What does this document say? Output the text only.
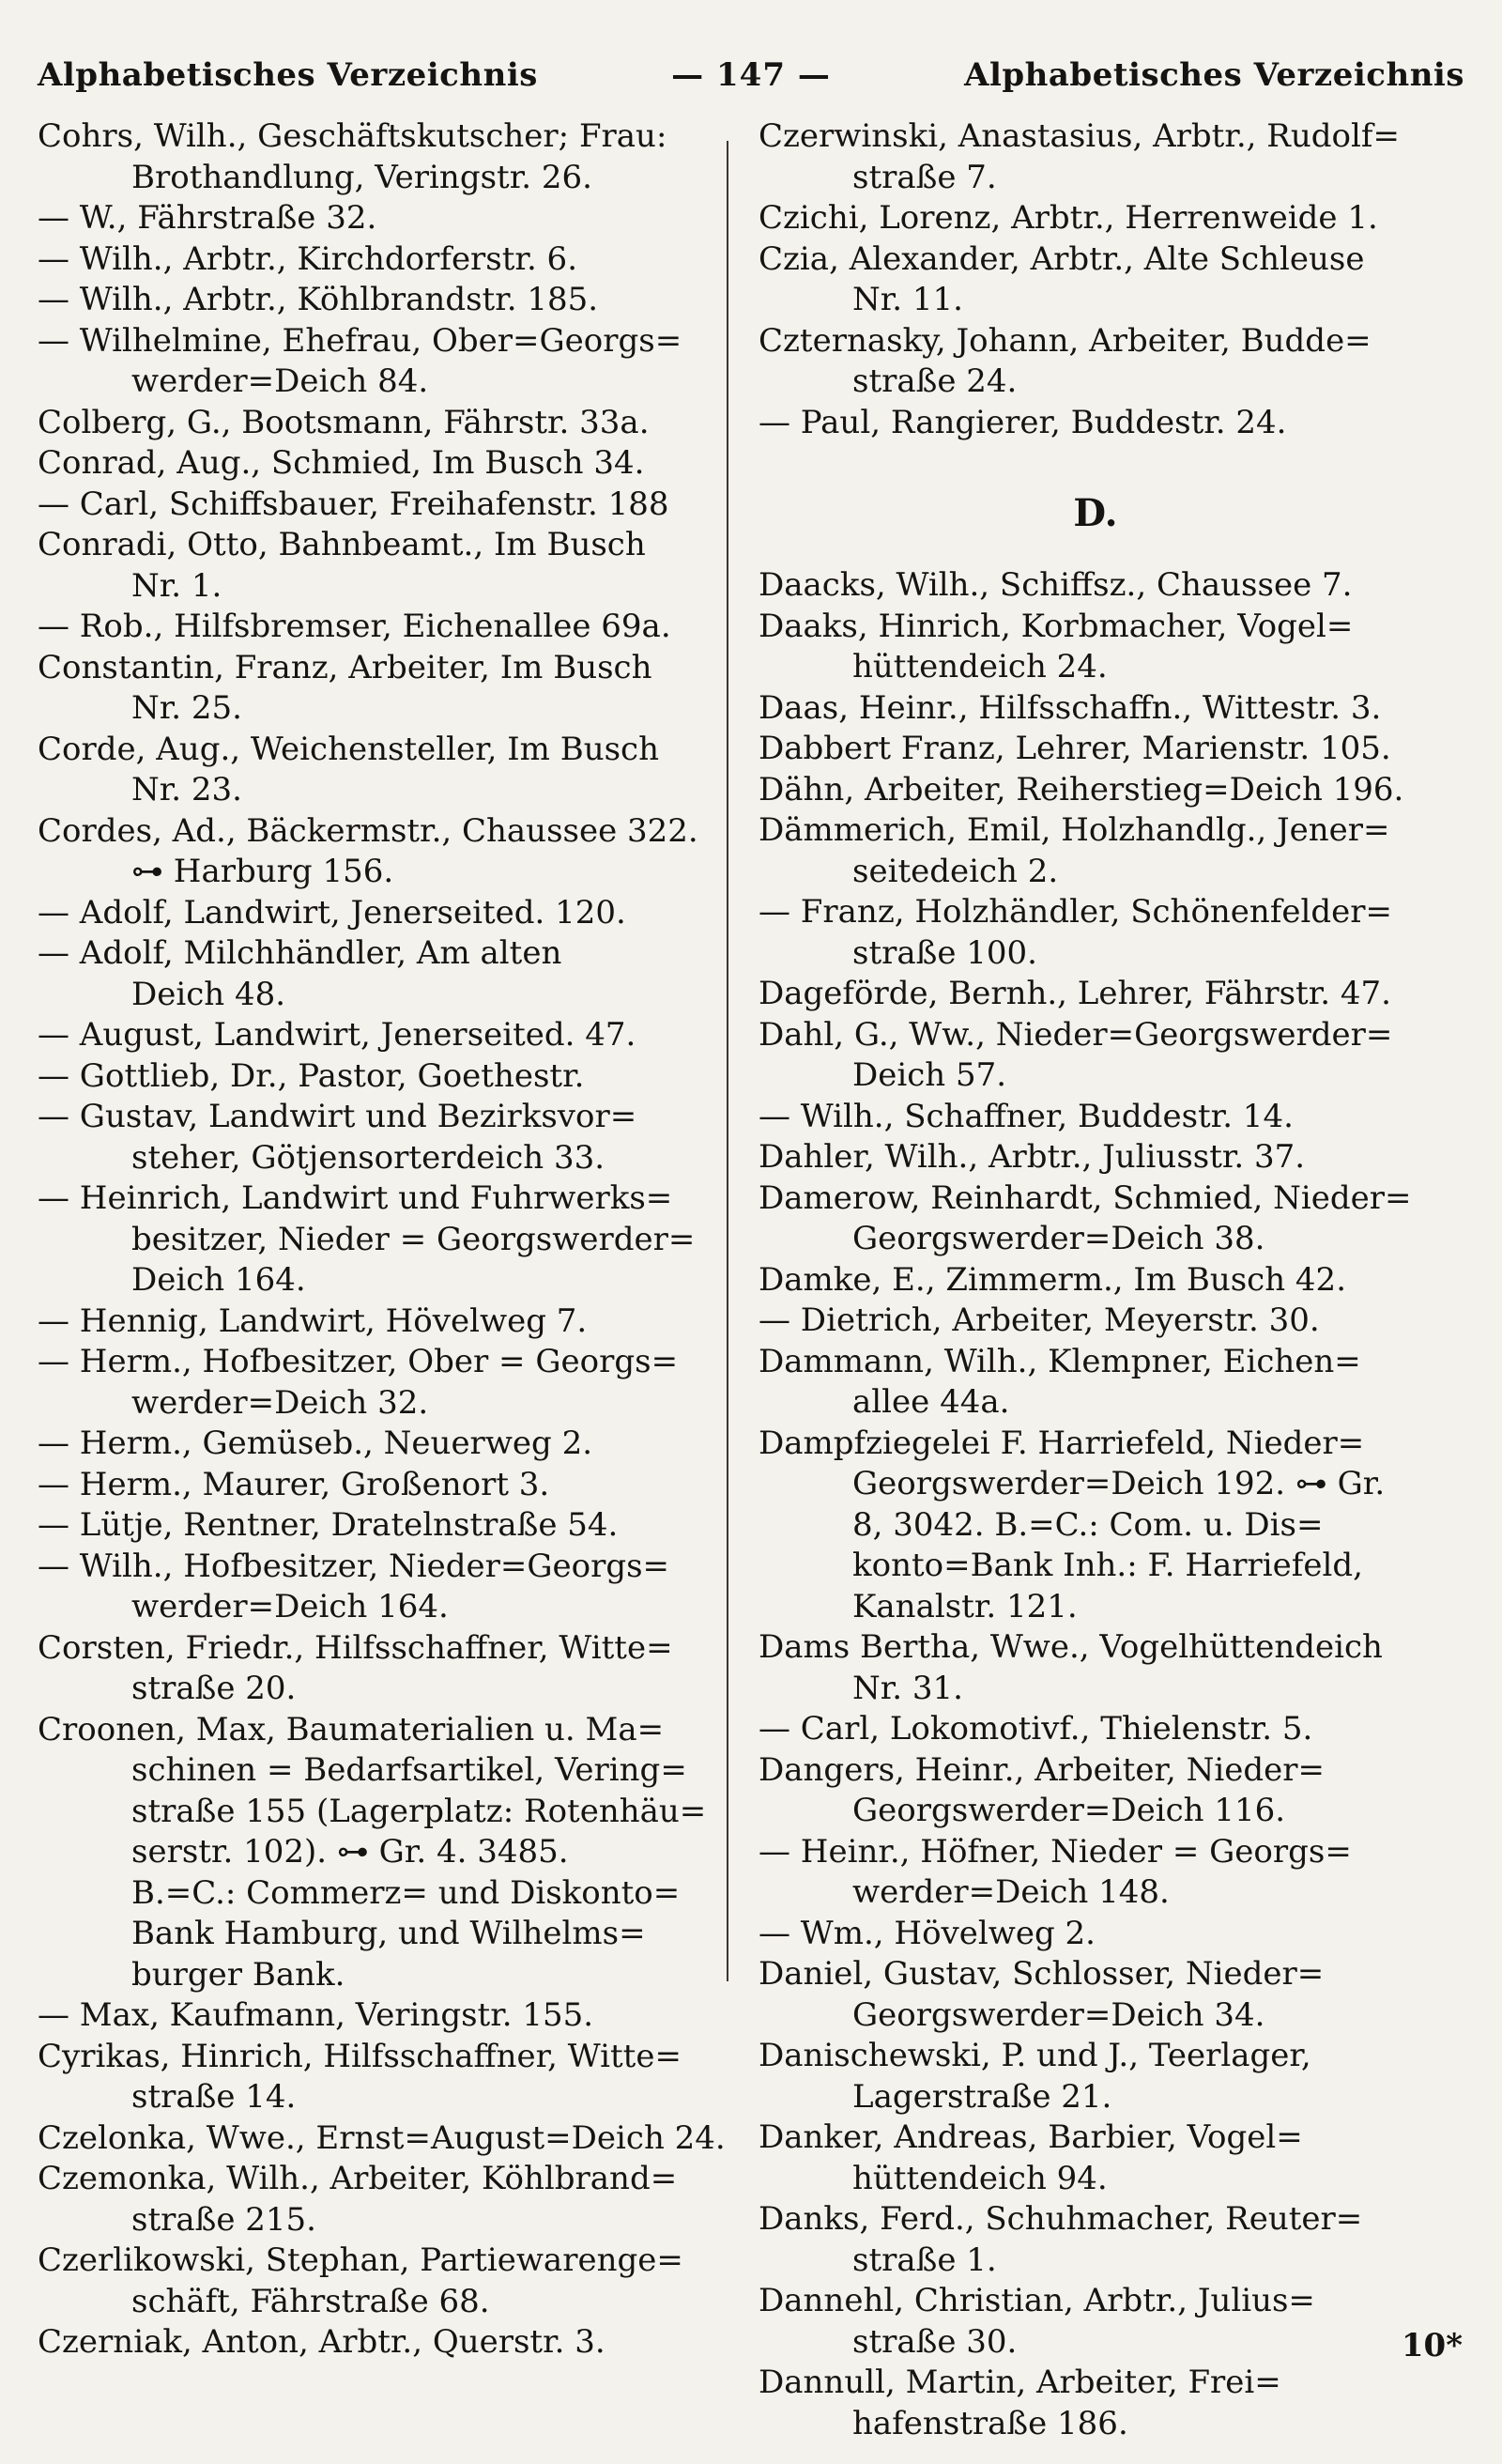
Alphabetisches Verzeichnis	— 147 —	Alphabetisches Verzeichnis
Cohrs, Wilh., Geschäftskutscher; Frau:
Brothandlung, Veringstr. 26.
— W., Fährstraße 32.
— Wilh., Arbtr., Kirchdorferstr. 6.
— Wilh., Arbtr., Köhlbrandstr. 185.
— Wilhelmine, Ehefrau, Ober=Georgs=
werder=Deich 84.
Colberg, G., Bootsmann, Fährstr. 33a.
Conrad, Aug., Schmied, Im Busch 34.
— Carl, Schiffsbauer, Freihafenstr. 188
Conradi, Otto, Bahnbeamt., Im Busch
Nr. 1.
— Rob., Hilfsbremser, Eichenallee 69a.
Constantin, Franz, Arbeiter, Im Busch
Nr. 25.
Corde, Aug., Weichensteller, Im Busch
Nr. 23.
Cordes, Ad., Bäckermstr., Chaussee 322.
⊶ Harburg 156.
— Adolf, Landwirt, Jenerseited. 120.
— Adolf, Milchhändler, Am alten
Deich 48.
— August, Landwirt, Jenerseited. 47.
— Gottlieb, Dr., Pastor, Goethestr.
— Gustav, Landwirt und Bezirksvor=
steher, Götjensorterdeich 33.
— Heinrich, Landwirt und Fuhrwerks=
besitzer, Nieder = Georgswerder=
Deich 164.
— Hennig, Landwirt, Hövelweg 7.
— Herm., Hofbesitzer, Ober = Georgs=
werder=Deich 32.
— Herm., Gemüseb., Neuerweg 2.
— Herm., Maurer, Großenort 3.
— Lütje, Rentner, Dratelnstraße 54.
— Wilh., Hofbesitzer, Nieder=Georgs=
werder=Deich 164.
Corsten, Friedr., Hilfsschaffner, Witte=
straße 20.
Croonen, Max, Baumaterialien u. Ma=
schinen = Bedarfsartikel, Vering=
straße 155 (Lagerplatz: Rotenhäu=
serstr. 102). ⊶ Gr. 4. 3485.
B.=C.: Commerz= und Diskonto=
Bank Hamburg, und Wilhelms=
burger Bank.
— Max, Kaufmann, Veringstr. 155.
Cyrikas, Hinrich, Hilfsschaffner, Witte=
straße 14.
Czelonka, Wwe., Ernst=August=Deich 24.
Czemonka, Wilh., Arbeiter, Köhlbrand=
straße 215.
Czerlikowski, Stephan, Partiewarenge=
schäft, Fährstraße 68.
Czerniak, Anton, Arbtr., Querstr. 3.
Czerwinski, Anastasius, Arbtr., Rudolf=
straße 7.
Czichi, Lorenz, Arbtr., Herrenweide 1.
Czia, Alexander, Arbtr., Alte Schleuse
Nr. 11.
Czternasky, Johann, Arbeiter, Budde=
straße 24.
— Paul, Rangierer, Buddestr. 24.
D.
Daacks, Wilh., Schiffsz., Chaussee 7.
Daaks, Hinrich, Korbmacher, Vogel=
hüttendeich 24.
Daas, Heinr., Hilfsschaffn., Wittestr. 3.
Dabbert Franz, Lehrer, Marienstr. 105.
Dähn, Arbeiter, Reiherstieg=Deich 196.
Dämmerich, Emil, Holzhandlg., Jener=
seitedeich 2.
— Franz, Holzhändler, Schönenfelder=
straße 100.
Dageförde, Bernh., Lehrer, Fährstr. 47.
Dahl, G., Ww., Nieder=Georgswerder=
Deich 57.
— Wilh., Schaffner, Buddestr. 14.
Dahler, Wilh., Arbtr., Juliusstr. 37.
Damerow, Reinhardt, Schmied, Nieder=
Georgswerder=Deich 38.
Damke, E., Zimmerm., Im Busch 42.
— Dietrich, Arbeiter, Meyerstr. 30.
Dammann, Wilh., Klempner, Eichen=
allee 44a.
Dampfziegelei F. Harriefeld, Nieder=
Georgswerder=Deich 192. ⊶ Gr.
8, 3042. B.=C.: Com. u. Dis=
konto=Bank Inh.: F. Harriefeld,
Kanalstr. 121.
Dams Bertha, Wwe., Vogelhüttendeich
Nr. 31.
— Carl, Lokomotivf., Thielenstr. 5.
Dangers, Heinr., Arbeiter, Nieder=
Georgswerder=Deich 116.
— Heinr., Höfner, Nieder = Georgs=
werder=Deich 148.
— Wm., Hövelweg 2.
Daniel, Gustav, Schlosser, Nieder=
Georgswerder=Deich 34.
Danischewski, P. und J., Teerlager,
Lagerstraße 21.
Danker, Andreas, Barbier, Vogel=
hüttendeich 94.
Danks, Ferd., Schuhmacher, Reuter=
straße 1.
Dannehl, Christian, Arbtr., Julius=
straße 30.
Dannull, Martin, Arbeiter, Frei=
hafenstraße 186.
10*
